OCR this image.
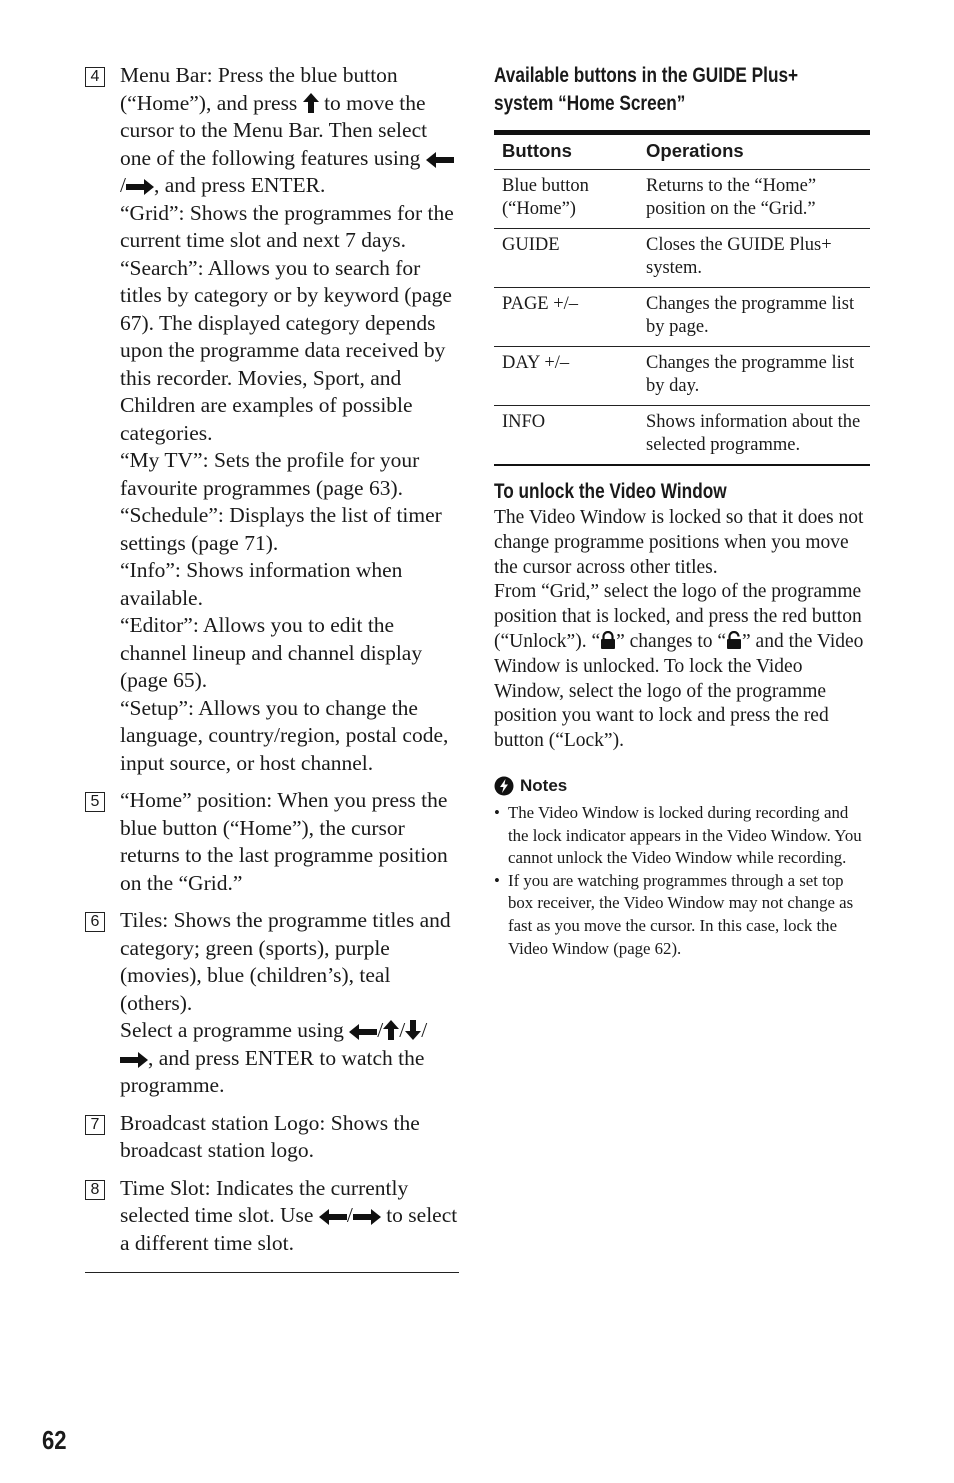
4 Menu Bar: Press the blue button (“Home”), and press to move the cursor to the Menu Bar. Then select one of the following features using / , and press ENTER.
“Grid”: Shows the programmes for the current time slot and next 7 days.
“Search”: Allows you to search for titles by category or by keyword (page 67). The displayed category depends upon the programme data received by this recorder. Movies, Sport, and Children are examples of possible categories.
“My TV”: Sets the profile for your favourite programmes (page 63).
“Schedule”: Displays the list of timer settings (page 71).
“Info”: Shows information when available.
“Editor”: Allows you to edit the channel lineup and channel display (page 65).
“Setup”: Allows you to change the language, country/region, postal code, input source, or host channel.

5 “Home” position: When you press the blue button (“Home”), the cursor returns to the last programme position on the “Grid.”

6 Tiles: Shows the programme titles and category; green (sports), purple (movies), blue (children’s), teal (others).
Select a programme using / / / , and press ENTER to watch the programme.

7 Broadcast station Logo: Shows the broadcast station logo.

8 Time Slot: Indicates the currently selected time slot. Use / to select a different time slot.

Available buttons in the GUIDE Plus+
system “Home Screen”
Buttons	Operations
Blue button (“Home”)	Returns to the “Home” position on the “Grid.”
GUIDE	Closes the GUIDE Plus+ system.
PAGE +/–	Changes the programme list by page.
DAY +/–	Changes the programme list by day.
INFO	Shows information about the selected programme.
To unlock the Video Window

The Video Window is locked so that it does not change programme positions when you move the cursor across other titles.

From “Grid,” select the logo of the programme position that is locked, and press the red button (“Unlock”). “ ” changes to “ ” and the Video Window is unlocked. To lock the Video Window, select the logo of the programme position you want to lock and press the red button (“Lock”).

Notes
• The Video Window is locked during recording and the lock indicator appears in the Video Window. You cannot unlock the Video Window while recording.
• If you are watching programmes through a set top box receiver, the Video Window may not change as fast as you move the cursor. In this case, lock the Video Window (page 62).
62
